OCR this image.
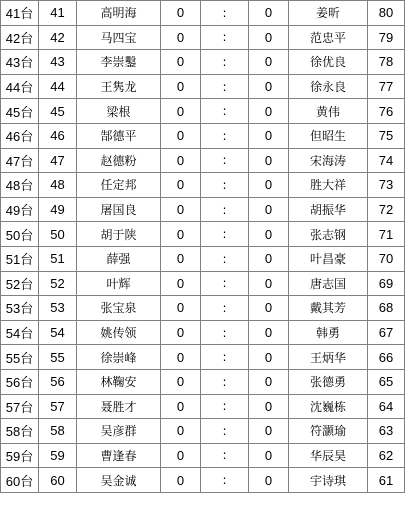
41台	41	高明海	0	:	0	姜昕	80
42台	42	马四宝	0	:	0	范忠平	79
43台	43	李崇鑿	0	:	0	徐优良	78
44台	44	王隽龙	0	:	0	徐永良	77
45台	45	梁根	0	:	0	黄伟	76
46台	46	郜德平	0	:	0	但昭生	75
47台	47	赵德粉	0	:	0	宋海涛	74
48台	48	任定邦	0	:	0	胜大祥	73
49台	49	屠国良	0	:	0	胡振华	72
50台	50	胡于陕	0	:	0	张志钢	71
51台	51	薛强	0	:	0	叶昌豪	70
52台	52	叶辉	0	:	0	唐志国	69
53台	53	张宝泉	0	:	0	戴其芳	68
54台	54	姚传领	0	:	0	韩勇	67
55台	55	徐崇峰	0	:	0	王炳华	66
56台	56	林鞠安	0	:	0	张德勇	65
57台	57	聂胜才	0	:	0	沈巍栋	64
58台	58	吴彦群	0	:	0	符灏瑜	63
59台	59	曹逢春	0	:	0	华辰昊	62
60台	60	吴金诚	0	:	0	宇诗琪	61
